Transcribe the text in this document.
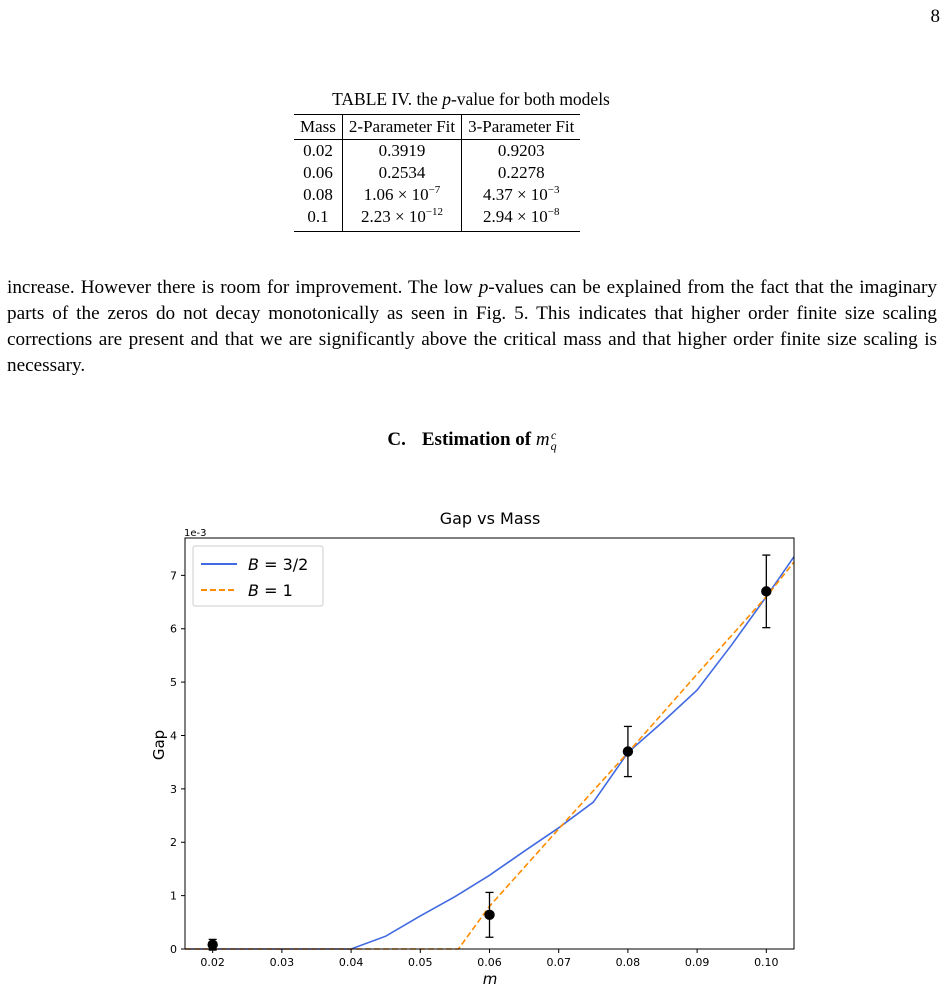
8
TABLE IV. the p-value for both models
Mass	2-Parameter Fit	3-Parameter Fit
0.02	0.3919	0.9203
0.06	0.2534	0.2278
0.08	$1.06 \times 10^{-7}$	$4.37 \times 10^{-3}$
0.1	$2.23 \times 10^{-12}$	$2.94 \times 10^{-8}$

increase. However there is room for improvement. The low p-values can be explained from the fact that the imaginary parts of the zeros do not decay monotonically as seen in Fig. 5. This indicates that higher order finite size scaling corrections are present and that we are significantly above the critical mass and that higher order finite size scaling is necessary.

C. Estimation of m c
q
Gap vs Mass
1e-3
0.02	0.03	0.04	0.05	0.06	0.07	0.08	0.09	0.10
0
1
2
3
4
5
6
7
m
Gap
B = 3/2
B = 1
